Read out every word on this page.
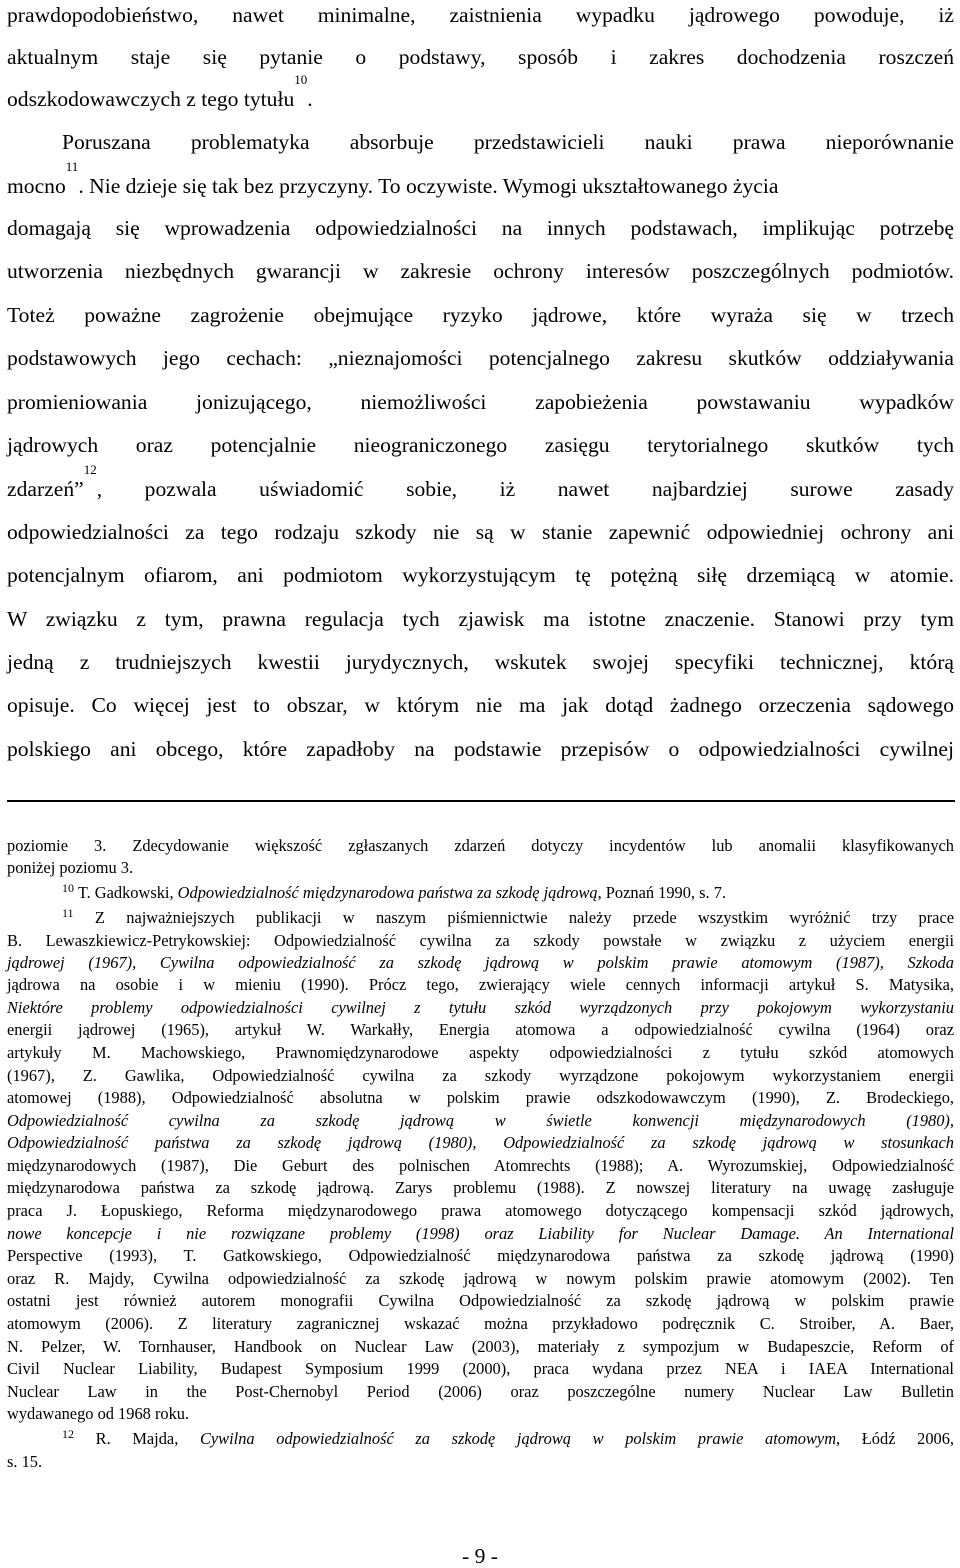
prawdopodobieństwo, nawet minimalne, zaistnienia wypadku jądrowego powoduje, iż
aktualnym staje się pytanie o podstawy, sposób i zakres dochodzenia roszczeń
odszkodowawczych z tego tytułu$^{10}$.
Poruszana problematyka absorbuje przedstawicieli nauki prawa nieporównanie
mocno$^{11}$. Nie dzieje się tak bez przyczyny. To oczywiste. Wymogi ukształtowanego życia
domagają się wprowadzenia odpowiedzialności na innych podstawach, implikując potrzebę
utworzenia niezbędnych gwarancji w zakresie ochrony interesów poszczególnych podmiotów.
Toteż poważne zagrożenie obejmujące ryzyko jądrowe, które wyraża się w trzech
podstawowych jego cechach: „nieznajomości potencjalnego zakresu skutków oddziaływania
promieniowania jonizującego, niemożliwości zapobieżenia powstawaniu wypadków
jądrowych oraz potencjalnie nieograniczonego zasięgu terytorialnego skutków tych
zdarzeń”$^{12}$
, pozwala uświadomić sobie, iż nawet najbardziej surowe zasady
odpowiedzialności za tego rodzaju szkody nie są w stanie zapewnić odpowiedniej ochrony ani
potencjalnym ofiarom, ani podmiotom wykorzystującym tę potężną siłę drzemiącą w atomie.
W związku z tym, prawna regulacja tych zjawisk ma istotne znaczenie. Stanowi przy tym
jedną z trudniejszych kwestii jurydycznych, wskutek swojej specyfiki technicznej, którą
opisuje. Co więcej jest to obszar, w którym nie ma jak dotąd żadnego orzeczenia sądowego
polskiego ani obcego, które zapadłoby na podstawie przepisów o odpowiedzialności cywilnej
poziomie 3. Zdecydowanie większość zgłaszanych zdarzeń dotyczy incydentów lub anomalii klasyfikowanych
poniżej poziomu 3.
$^{10}$ T. Gadkowski, Odpowiedzialność międzynarodowa państwa za szkodę jądrową, Poznań 1990, s. 7.
$^{11}$ Z najważniejszych publikacji w naszym piśmiennictwie należy przede wszystkim wyróżnić trzy prace
B. Lewaszkiewicz-Petrykowskiej: Odpowiedzialność cywilna za szkody powstałe w związku z użyciem energii
jądrowej (1967), Cywilna odpowiedzialność za szkodę jądrową w polskim prawie atomowym (1987), Szkoda
jądrowa na osobie i w mieniu (1990). Prócz tego, zwierający wiele cennych informacji artykuł S. Matysika,
Niektóre problemy odpowiedzialności cywilnej z tytułu szkód wyrządzonych przy pokojowym wykorzystaniu
energii jądrowej (1965), artykuł W. Warkałły, Energia atomowa a odpowiedzialność cywilna (1964) oraz
artykuły M. Machowskiego, Prawnomiędzynarodowe aspekty odpowiedzialności z tytułu szkód atomowych
(1967), Z. Gawlika, Odpowiedzialność cywilna za szkody wyrządzone pokojowym wykorzystaniem energii
atomowej (1988), Odpowiedzialność absolutna w polskim prawie odszkodowawczym (1990), Z. Brodeckiego,
Odpowiedzialność cywilna za szkodę jądrową w świetle konwencji międzynarodowych (1980),
Odpowiedzialność państwa za szkodę jądrową (1980), Odpowiedzialność za szkodę jądrową w stosunkach
międzynarodowych (1987), Die Geburt des polnischen Atomrechts (1988); A. Wyrozumskiej, Odpowiedzialność
międzynarodowa państwa za szkodę jądrową. Zarys problemu (1988). Z nowszej literatury na uwagę zasługuje
praca J. Łopuskiego, Reforma międzynarodowego prawa atomowego dotyczącego kompensacji szkód jądrowych,
nowe koncepcje i nie rozwiązane problemy (1998) oraz Liability for Nuclear Damage. An International
Perspective (1993), T. Gatkowskiego, Odpowiedzialność międzynarodowa państwa za szkodę jądrową (1990)
oraz R. Majdy, Cywilna odpowiedzialność za szkodę jądrową w nowym polskim prawie atomowym (2002). Ten
ostatni jest również autorem monografii Cywilna Odpowiedzialność za szkodę jądrową w polskim prawie
atomowym (2006). Z literatury zagranicznej wskazać można przykładowo podręcznik C. Stroiber, A. Baer,
N. Pelzer, W. Tornhauser, Handbook on Nuclear Law (2003), materiały z sympozjum w Budapeszcie, Reform of
Civil Nuclear Liability, Budapest Symposium 1999 (2000), praca wydana przez NEA i IAEA International
Nuclear Law in the Post-Chernobyl Period (2006) oraz poszczególne numery Nuclear Law Bulletin
wydawanego od 1968 roku.
$^{12}$ R. Majda, Cywilna odpowiedzialność za szkodę jądrową w polskim prawie atomowym, Łódź 2006,
s. 15.
- 9 -
